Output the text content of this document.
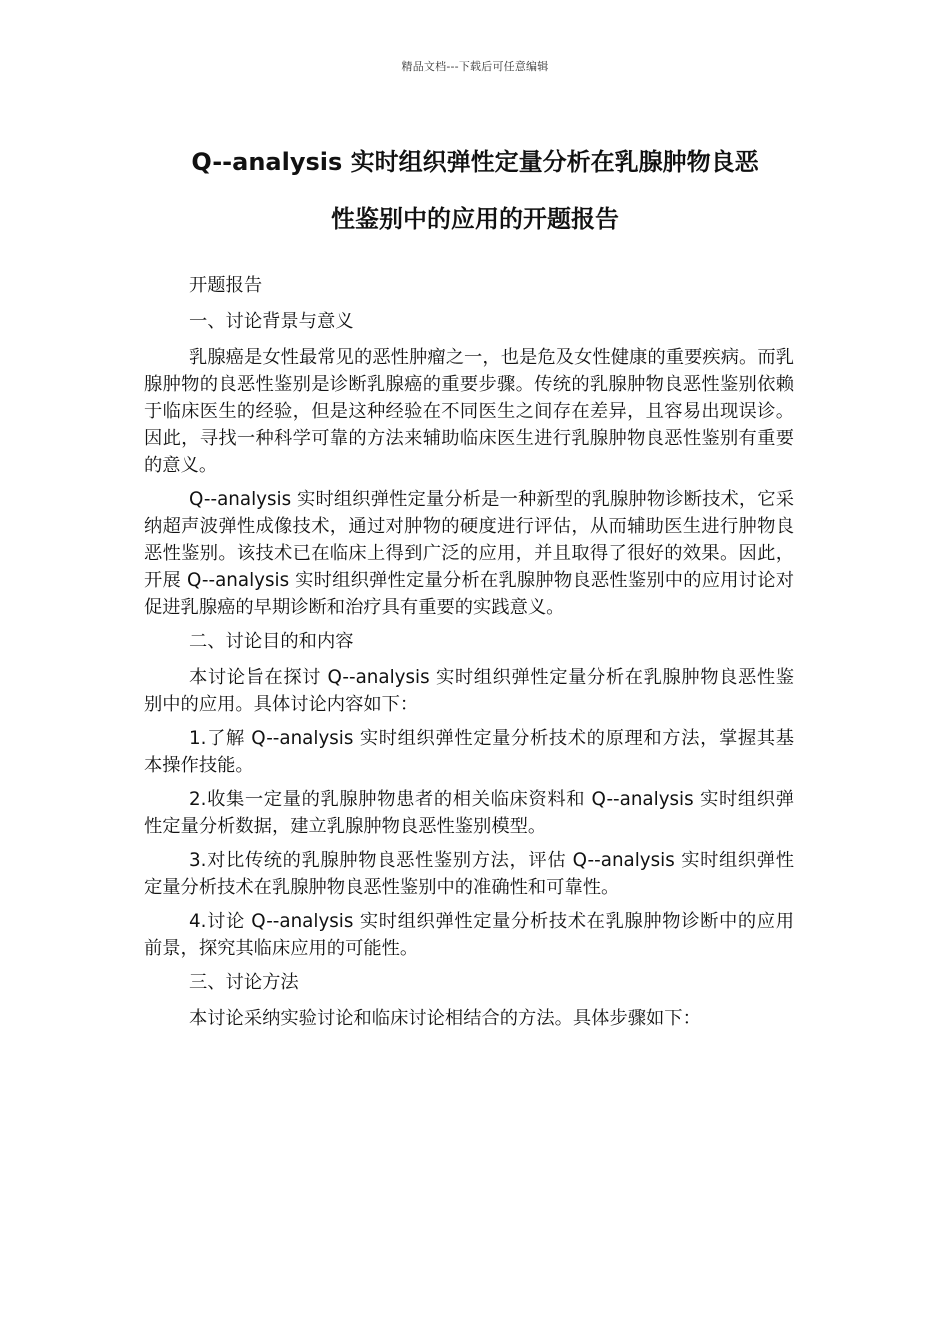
精品文档---下载后可任意编辑
Q--analysis 实时组织弹性定量分析在乳腺肿物良恶
性鉴别中的应用的开题报告

开题报告

一、讨论背景与意义

乳腺癌是女性最常见的恶性肿瘤之一，也是危及女性健康的重要疾病。而乳腺肿物的良恶性鉴别是诊断乳腺癌的重要步骤。传统的乳腺肿物良恶性鉴别依赖于临床医生的经验，但是这种经验在不同医生之间存在差异，且容易出现误诊。因此，寻找一种科学可靠的方法来辅助临床医生进行乳腺肿物良恶性鉴别有重要的意义。

Q--analysis 实时组织弹性定量分析是一种新型的乳腺肿物诊断技术，它采纳超声波弹性成像技术，通过对肿物的硬度进行评估，从而辅助医生进行肿物良恶性鉴别。该技术已在临床上得到广泛的应用，并且取得了很好的效果。因此，开展 Q--analysis 实时组织弹性定量分析在乳腺肿物良恶性鉴别中的应用讨论对促进乳腺癌的早期诊断和治疗具有重要的实践意义。

二、讨论目的和内容

本讨论旨在探讨 Q--analysis 实时组织弹性定量分析在乳腺肿物良恶性鉴别中的应用。具体讨论内容如下：

1.了解 Q--analysis 实时组织弹性定量分析技术的原理和方法，掌握其基本操作技能。

2.收集一定量的乳腺肿物患者的相关临床资料和 Q--analysis 实时组织弹性定量分析数据，建立乳腺肿物良恶性鉴别模型。

3.对比传统的乳腺肿物良恶性鉴别方法，评估 Q--analysis 实时组织弹性定量分析技术在乳腺肿物良恶性鉴别中的准确性和可靠性。

4.讨论 Q--analysis 实时组织弹性定量分析技术在乳腺肿物诊断中的应用前景，探究其临床应用的可能性。

三、讨论方法

本讨论采纳实验讨论和临床讨论相结合的方法。具体步骤如下：
